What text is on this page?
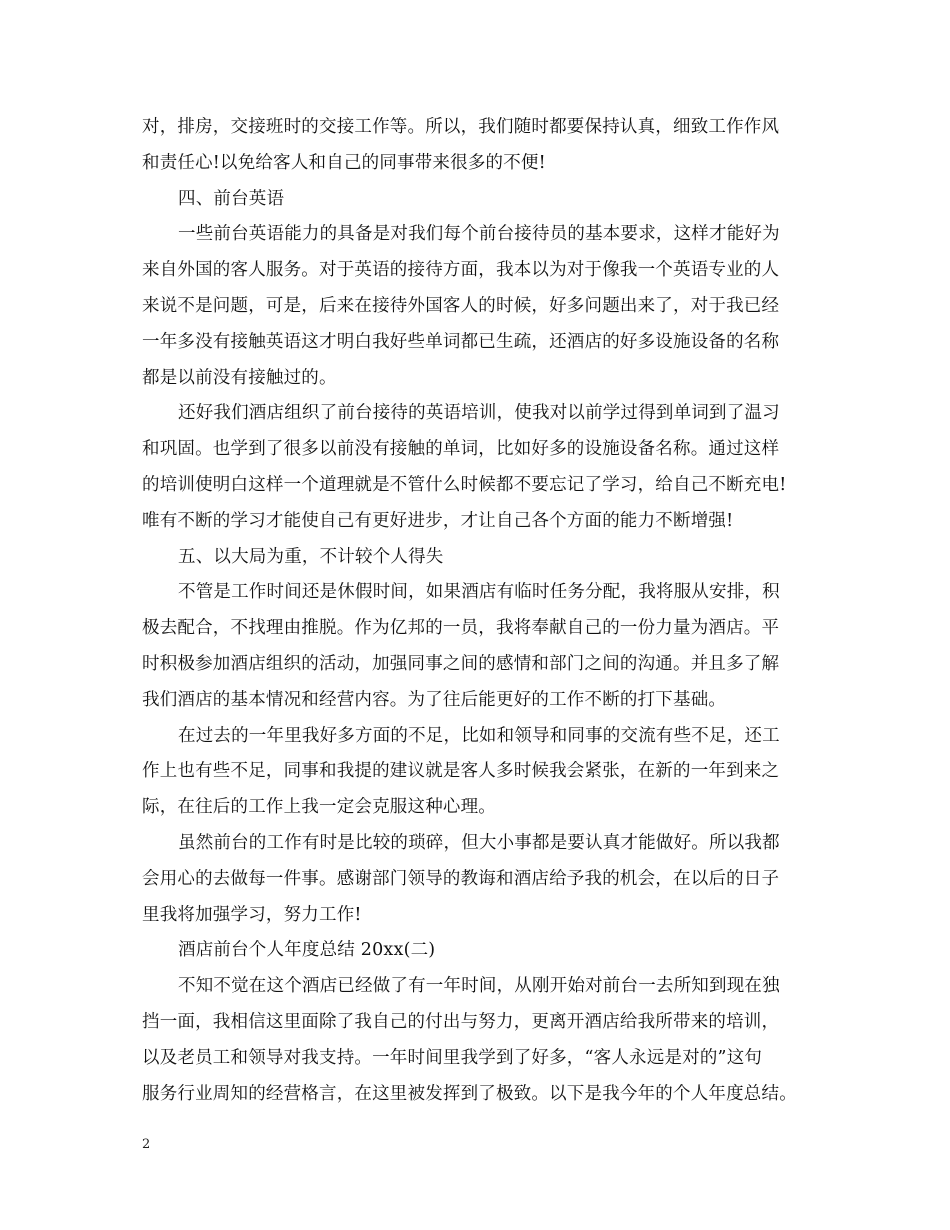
对，排房，交接班时的交接工作等。所以，我们随时都要保持认真，细致工作作风
和责任心!以免给客人和自己的同事带来很多的不便!
四、前台英语
一些前台英语能力的具备是对我们每个前台接待员的基本要求，这样才能好为
来自外国的客人服务。对于英语的接待方面，我本以为对于像我一个英语专业的人
来说不是问题，可是，后来在接待外国客人的时候，好多问题出来了，对于我已经
一年多没有接触英语这才明白我好些单词都已生疏，还酒店的好多设施设备的名称
都是以前没有接触过的。
还好我们酒店组织了前台接待的英语培训，使我对以前学过得到单词到了温习
和巩固。也学到了很多以前没有接触的单词，比如好多的设施设备名称。通过这样
的培训使明白这样一个道理就是不管什么时候都不要忘记了学习，给自己不断充电!
唯有不断的学习才能使自己有更好进步，才让自己各个方面的能力不断增强!
五、以大局为重，不计较个人得失
不管是工作时间还是休假时间，如果酒店有临时任务分配，我将服从安排，积
极去配合，不找理由推脱。作为亿邦的一员，我将奉献自己的一份力量为酒店。平
时积极参加酒店组织的活动，加强同事之间的感情和部门之间的沟通。并且多了解
我们酒店的基本情况和经营内容。为了往后能更好的工作不断的打下基础。
在过去的一年里我好多方面的不足，比如和领导和同事的交流有些不足，还工
作上也有些不足，同事和我提的建议就是客人多时候我会紧张，在新的一年到来之
际，在往后的工作上我一定会克服这种心理。
虽然前台的工作有时是比较的琐碎，但大小事都是要认真才能做好。所以我都
会用心的去做每一件事。感谢部门领导的教诲和酒店给予我的机会，在以后的日子
里我将加强学习，努力工作!
酒店前台个人年度总结 20xx(二)
不知不觉在这个酒店已经做了有一年时间，从刚开始对前台一去所知到现在独
挡一面，我相信这里面除了我自己的付出与努力，更离开酒店给我所带来的培训，
以及老员工和领导对我支持。一年时间里我学到了好多，“客人永远是对的”这句
服务行业周知的经营格言，在这里被发挥到了极致。以下是我今年的个人年度总结。
2
